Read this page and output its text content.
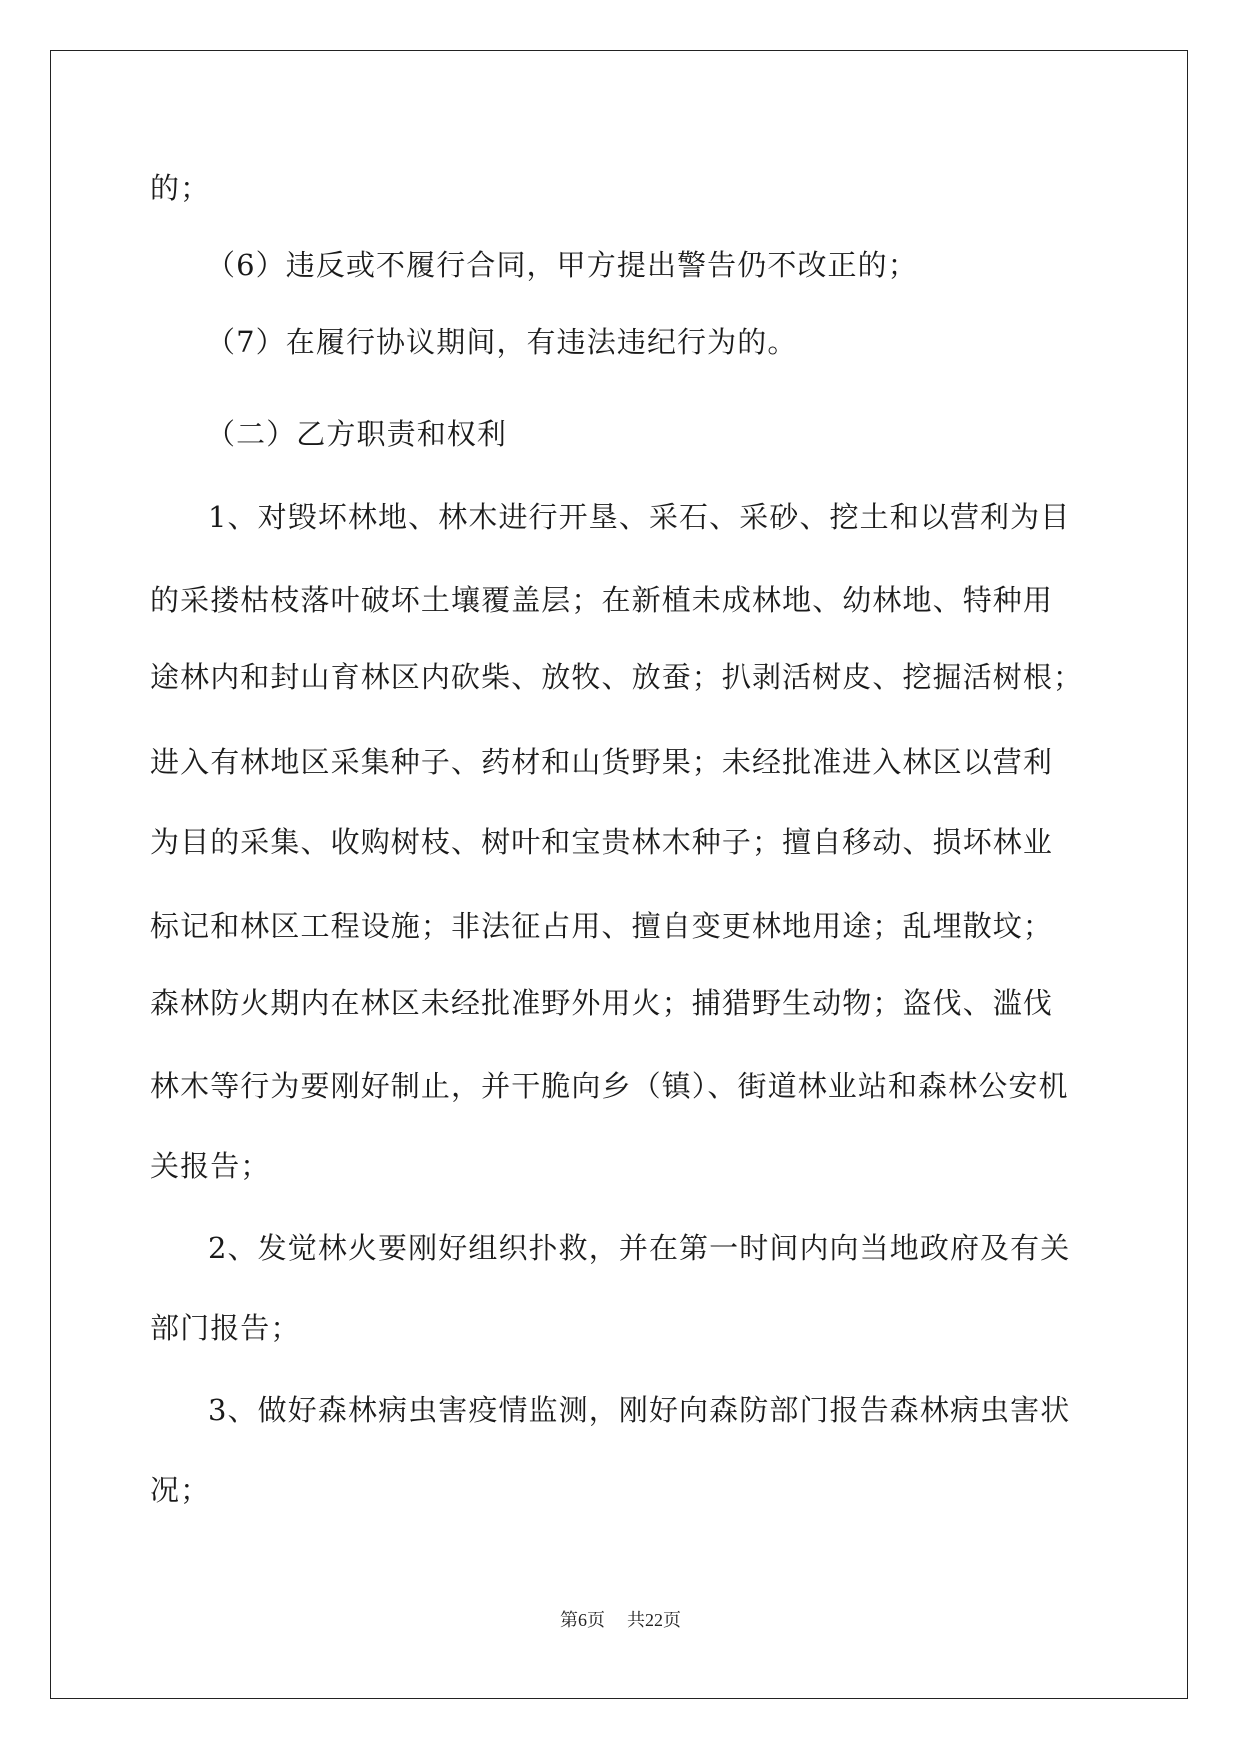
的；
（6）违反或不履行合同，甲方提出警告仍不改正的；
（7）在履行协议期间，有违法违纪行为的。
（二）乙方职责和权利
1、对毁坏林地、林木进行开垦、采石、采砂、挖土和以营利为目
的采搂枯枝落叶破坏土壤覆盖层；在新植未成林地、幼林地、特种用
途林内和封山育林区内砍柴、放牧、放蚕；扒剥活树皮、挖掘活树根；
进入有林地区采集种子、药材和山货野果；未经批准进入林区以营利
为目的采集、收购树枝、树叶和宝贵林木种子；擅自移动、损坏林业
标记和林区工程设施；非法征占用、擅自变更林地用途；乱埋散坟；
森林防火期内在林区未经批准野外用火；捕猎野生动物；盗伐、滥伐
林木等行为要刚好制止，并干脆向乡（镇）、街道林业站和森林公安机
关报告；
2、发觉林火要刚好组织扑救，并在第一时间内向当地政府及有关
部门报告；
3、做好森林病虫害疫情监测，刚好向森防部门报告森林病虫害状
况；
第6页 共22页
